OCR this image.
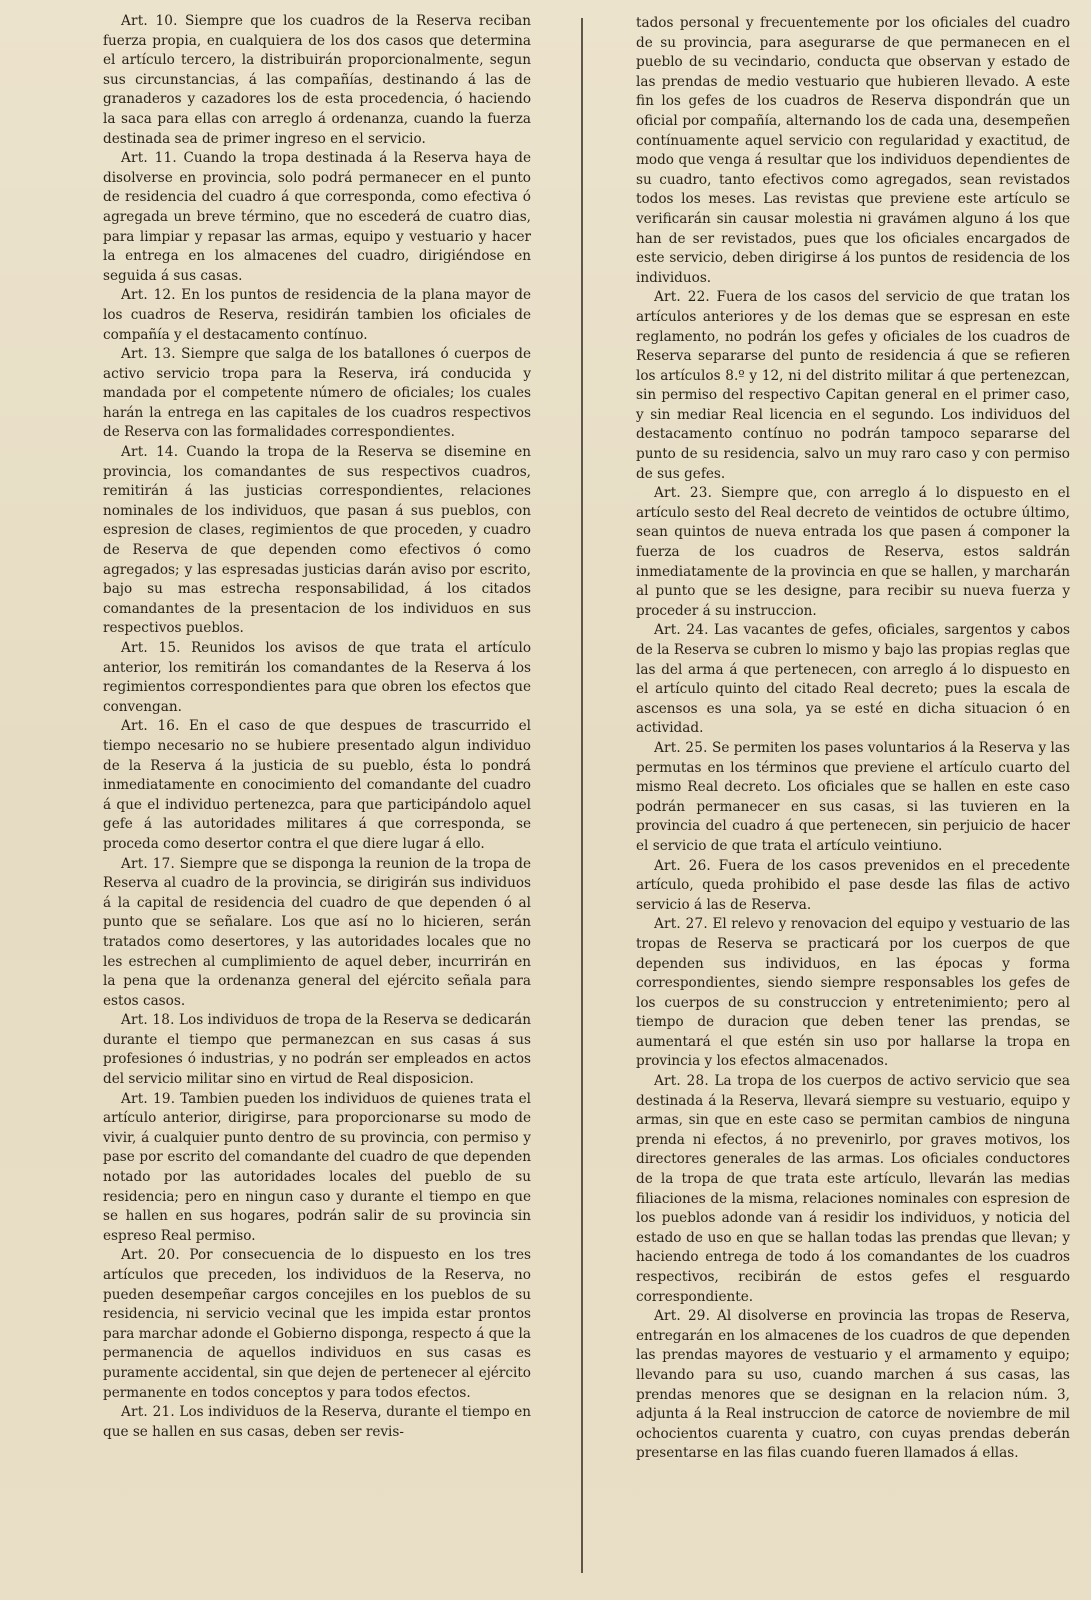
Art. 10. Siempre que los cuadros de la Reserva reciban fuerza propia, en cualquiera de los dos casos que determina el artículo tercero, la distribuirán proporcionalmente, segun sus circunstancias, á las compañías, destinando á las de granaderos y cazadores los de esta procedencia, ó haciendo la saca para ellas con arreglo á ordenanza, cuando la fuerza destinada sea de primer ingreso en el servicio.

Art. 11. Cuando la tropa destinada á la Reserva haya de disolverse en provincia, solo podrá permanecer en el punto de residencia del cuadro á que corresponda, como efectiva ó agregada un breve término, que no escederá de cuatro dias, para limpiar y repasar las armas, equipo y vestuario y hacer la entrega en los almacenes del cuadro, dirigiéndose en seguida á sus casas.

Art. 12. En los puntos de residencia de la plana mayor de los cuadros de Reserva, residirán tambien los oficiales de compañía y el destacamento contínuo.

Art. 13. Siempre que salga de los batallones ó cuerpos de activo servicio tropa para la Reserva, irá conducida y mandada por el competente número de oficiales; los cuales harán la entrega en las capitales de los cuadros respectivos de Reserva con las formalidades correspondientes.

Art. 14. Cuando la tropa de la Reserva se disemine en provincia, los comandantes de sus respectivos cuadros, remitirán á las justicias correspondientes, relaciones nominales de los individuos, que pasan á sus pueblos, con espresion de clases, regimientos de que proceden, y cuadro de Reserva de que dependen como efectivos ó como agregados; y las espresadas justicias darán aviso por escrito, bajo su mas estrecha responsabilidad, á los citados comandantes de la presentacion de los individuos en sus respectivos pueblos.

Art. 15. Reunidos los avisos de que trata el artículo anterior, los remitirán los comandantes de la Reserva á los regimientos correspondientes para que obren los efectos que convengan.

Art. 16. En el caso de que despues de trascurrido el tiempo necesario no se hubiere presentado algun individuo de la Reserva á la justicia de su pueblo, ésta lo pondrá inmediatamente en conocimiento del comandante del cuadro á que el individuo pertenezca, para que participándolo aquel gefe á las autoridades militares á que corresponda, se proceda como desertor contra el que diere lugar á ello.

Art. 17. Siempre que se disponga la reunion de la tropa de Reserva al cuadro de la provincia, se dirigirán sus individuos á la capital de residencia del cuadro de que dependen ó al punto que se señalare. Los que así no lo hicieren, serán tratados como desertores, y las autoridades locales que no les estrechen al cumplimiento de aquel deber, incurrirán en la pena que la ordenanza general del ejército señala para estos casos.

Art. 18. Los individuos de tropa de la Reserva se dedicarán durante el tiempo que permanezcan en sus casas á sus profesiones ó industrias, y no podrán ser empleados en actos del servicio militar sino en virtud de Real disposicion.

Art. 19. Tambien pueden los individuos de quienes trata el artículo anterior, dirigirse, para proporcionarse su modo de vivir, á cualquier punto dentro de su provincia, con permiso y pase por escrito del comandante del cuadro de que dependen notado por las autoridades locales del pueblo de su residencia; pero en ningun caso y durante el tiempo en que se hallen en sus hogares, podrán salir de su provincia sin espreso Real permiso.

Art. 20. Por consecuencia de lo dispuesto en los tres artículos que preceden, los individuos de la Reserva, no pueden desempeñar cargos concejiles en los pueblos de su residencia, ni servicio vecinal que les impida estar prontos para marchar adonde el Gobierno disponga, respecto á que la permanencia de aquellos individuos en sus casas es puramente accidental, sin que dejen de pertenecer al ejército permanente en todos conceptos y para todos efectos.

Art. 21. Los individuos de la Reserva, durante el tiempo en que se hallen en sus casas, deben ser revis-

tados personal y frecuentemente por los oficiales del cuadro de su provincia, para asegurarse de que permanecen en el pueblo de su vecindario, conducta que observan y estado de las prendas de medio vestuario que hubieren llevado. A este fin los gefes de los cuadros de Reserva dispondrán que un oficial por compañía, alternando los de cada una, desempeñen contínuamente aquel servicio con regularidad y exactitud, de modo que venga á resultar que los individuos dependientes de su cuadro, tanto efectivos como agregados, sean revistados todos los meses. Las revistas que previene este artículo se verificarán sin causar molestia ni gravámen alguno á los que han de ser revistados, pues que los oficiales encargados de este servicio, deben dirigirse á los puntos de residencia de los individuos.

Art. 22. Fuera de los casos del servicio de que tratan los artículos anteriores y de los demas que se espresan en este reglamento, no podrán los gefes y oficiales de los cuadros de Reserva separarse del punto de residencia á que se refieren los artículos 8.º y 12, ni del distrito militar á que pertenezcan, sin permiso del respectivo Capitan general en el primer caso, y sin mediar Real licencia en el segundo. Los individuos del destacamento contínuo no podrán tampoco separarse del punto de su residencia, salvo un muy raro caso y con permiso de sus gefes.

Art. 23. Siempre que, con arreglo á lo dispuesto en el artículo sesto del Real decreto de veintidos de octubre último, sean quintos de nueva entrada los que pasen á componer la fuerza de los cuadros de Reserva, estos saldrán inmediatamente de la provincia en que se hallen, y marcharán al punto que se les designe, para recibir su nueva fuerza y proceder á su instruccion.

Art. 24. Las vacantes de gefes, oficiales, sargentos y cabos de la Reserva se cubren lo mismo y bajo las propias reglas que las del arma á que pertenecen, con arreglo á lo dispuesto en el artículo quinto del citado Real decreto; pues la escala de ascensos es una sola, ya se esté en dicha situacion ó en actividad.

Art. 25. Se permiten los pases voluntarios á la Reserva y las permutas en los términos que previene el artículo cuarto del mismo Real decreto. Los oficiales que se hallen en este caso podrán permanecer en sus casas, si las tuvieren en la provincia del cuadro á que pertenecen, sin perjuicio de hacer el servicio de que trata el artículo veintiuno.

Art. 26. Fuera de los casos prevenidos en el precedente artículo, queda prohibido el pase desde las filas de activo servicio á las de Reserva.

Art. 27. El relevo y renovacion del equipo y vestuario de las tropas de Reserva se practicará por los cuerpos de que dependen sus individuos, en las épocas y forma correspondientes, siendo siempre responsables los gefes de los cuerpos de su construccion y entretenimiento; pero al tiempo de duracion que deben tener las prendas, se aumentará el que estén sin uso por hallarse la tropa en provincia y los efectos almacenados.

Art. 28. La tropa de los cuerpos de activo servicio que sea destinada á la Reserva, llevará siempre su vestuario, equipo y armas, sin que en este caso se permitan cambios de ninguna prenda ni efectos, á no prevenirlo, por graves motivos, los directores generales de las armas. Los oficiales conductores de la tropa de que trata este artículo, llevarán las medias filiaciones de la misma, relaciones nominales con espresion de los pueblos adonde van á residir los individuos, y noticia del estado de uso en que se hallan todas las prendas que llevan; y haciendo entrega de todo á los comandantes de los cuadros respectivos, recibirán de estos gefes el resguardo correspondiente.

Art. 29. Al disolverse en provincia las tropas de Reserva, entregarán en los almacenes de los cuadros de que dependen las prendas mayores de vestuario y el armamento y equipo; llevando para su uso, cuando marchen á sus casas, las prendas menores que se designan en la relacion núm. 3, adjunta á la Real instruccion de catorce de noviembre de mil ochocientos cuarenta y cuatro, con cuyas prendas deberán presentarse en las filas cuando fueren llamados á ellas.
